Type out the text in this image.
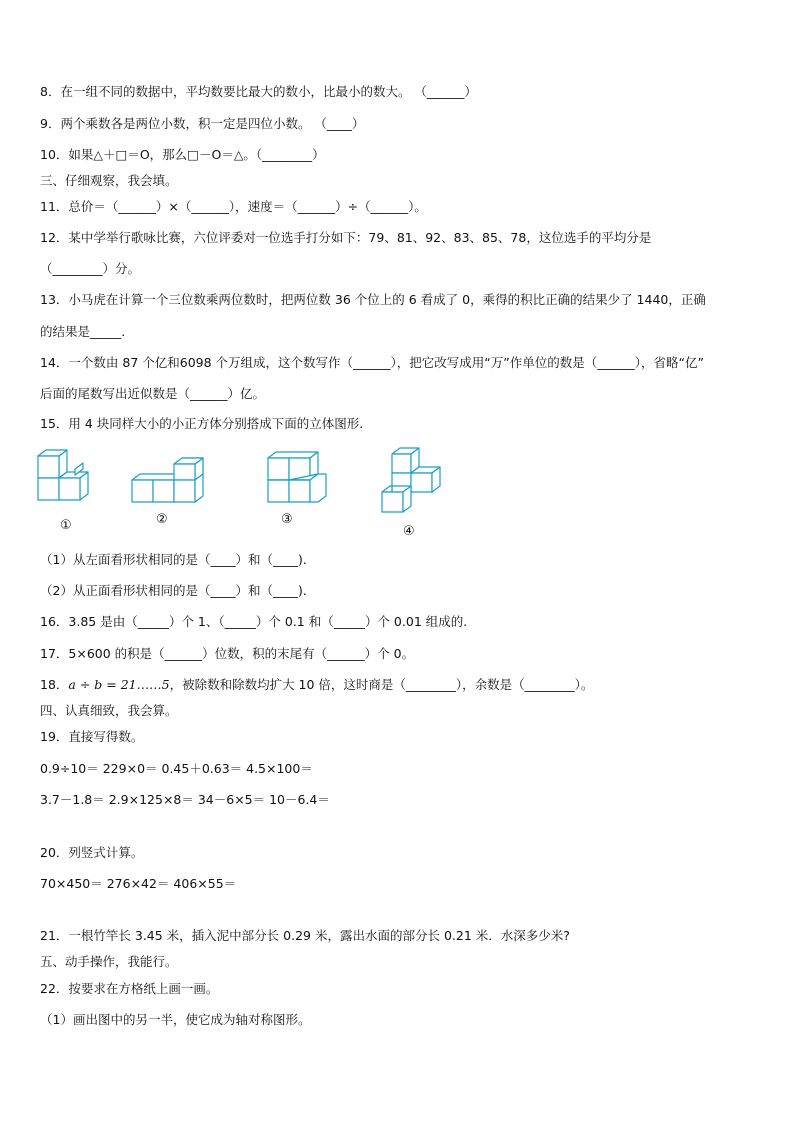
8．在一组不同的数据中，平均数要比最大的数小，比最小的数大。 （______）
9．两个乘数各是两位小数，积一定是四位小数。 （____）
10．如果△＋□＝O，那么□－O＝△。（________）
三、仔细观察，我会填。
11．总价＝（______）×（______），速度＝（______）÷（______）。
12．某中学举行歌咏比赛，六位评委对一位选手打分如下：79、81、92、83、85、78，这位选手的平均分是
（________）分。
13．小马虎在计算一个三位数乘两位数时，把两位数 36 个位上的 6 看成了 0，乘得的积比正确的结果少了 1440，正确
的结果是_____.
14．一个数由 87 个亿和6098 个万组成，这个数写作（______），把它改写成用“万”作单位的数是（______），省略“亿”
后面的尾数写出近似数是（______）亿。
15．用 4 块同样大小的小正方体分别搭成下面的立体图形.
①	②	③
④
（1）从左面看形状相同的是（____）和（____).
（2）从正面看形状相同的是（____）和（____).
16．3.85 是由（_____）个 1、（_____）个 0.1 和（_____）个 0.01 组成的.
17．5×600 的积是（______）位数，积的末尾有（______）个 0。
18．a ÷ b = 21……5，被除数和除数均扩大 10 倍，这时商是（________），余数是（________）。
四、认真细致，我会算。
19．直接写得数。
0.9÷10＝ 229×0＝ 0.45＋0.63＝ 4.5×100＝
3.7－1.8＝ 2.9×125×8＝ 34－6×5＝ 10－6.4＝
20．列竖式计算。
70×450＝ 276×42＝ 406×55＝
21．一根竹竿长 3.45 米，插入泥中部分长 0.29 米，露出水面的部分长 0.21 米．水深多少米?
五、动手操作，我能行。
22．按要求在方格纸上画一画。
（1）画出图中的另一半，使它成为轴对称图形。
